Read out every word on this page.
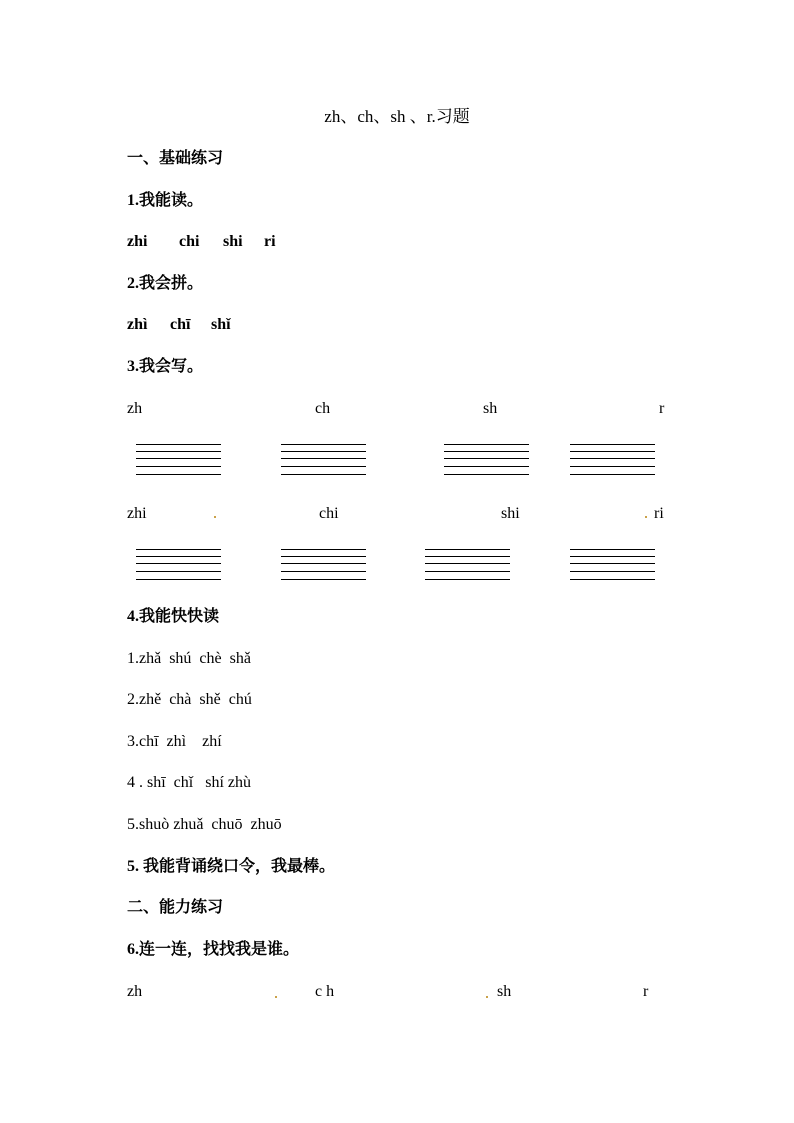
zh、ch、sh 、r.习题
一、基础练习
1.我能读。
zhi chi shi ri
2.我会拼。
zhì chī shǐ
3.我会写。
zh	ch	sh	r
zhi	chi	shi	ri
4.我能快快读
1.zhǎ  shú  chè  shǎ
2.zhě  chà  shě  chú
3.chī  zhì    zhí
4 . shī  chǐ   shí zhù
5.shuò zhuǎ  chuō  zhuō
5. 我能背诵绕口令，我最棒。
二、能力练习
6.连一连，找找我是谁。
zh	c h	sh	r
